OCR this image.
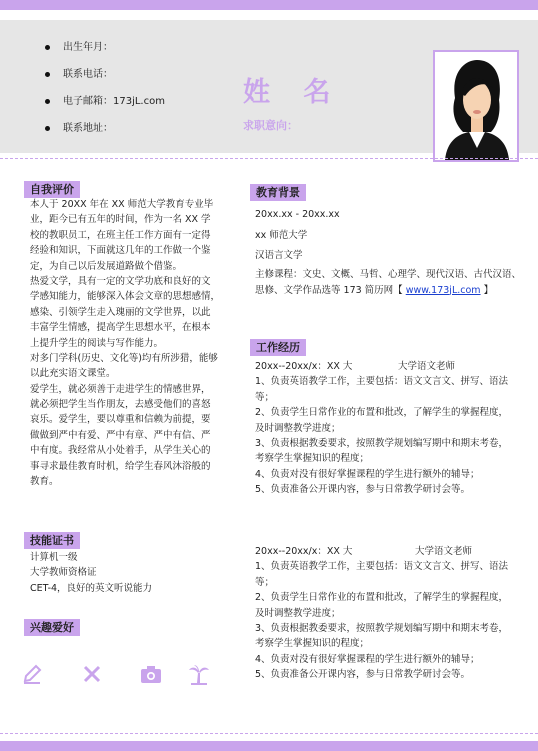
出生年月：
联系电话：
电子邮箱：173jL.com
联系地址：
姓 名
求职意向：
自我评价
本人于 20XX 年在 XX 师范大学教育专业毕
业，距今已有五年的时间，作为一名 XX 学
校的教职员工，在班主任工作方面有一定得
经验和知识，下面就这几年的工作做一个鉴
定，为自己以后发展道路做个借鉴。
热爱文学，具有一定的文学功底和良好的文
学感知能力，能够深入体会文章的思想感情，
感染、引领学生走入瑰丽的文学世界，以此
丰富学生情感，提高学生思想水平，在根本
上提升学生的阅读与写作能力。
对多门学科(历史、文化等)均有所涉猎，能够
以此充实语文课堂。
爱学生，就必须善于走进学生的情感世界，
就必须把学生当作朋友，去感受他们的喜怒
哀乐。爱学生，要以尊重和信赖为前提，要
做做到严中有爱、严中有章、严中有信、严
中有度。我经常从小处着手，从学生关心的
事寻求最佳教育时机，给学生春风沐浴般的
教育。
技能证书
计算机一级
大学教师资格证
CET-4，良好的英文听说能力
兴趣爱好
教育背景
20xx.xx - 20xx.xx
xx 师范大学
汉语言文学
主修课程：文史、文概、马哲、心理学、现代汉语、古代汉语、
思修、文学作品选等 173 简历网【 www.173jL.com 】
工作经历
20xx--20xx/x：XX 大	大学语文老师
1、负责英语教学工作，主要包括：语文文言文、拼写、语法
等；
2、负责学生日常作业的布置和批改，了解学生的掌握程度，
及时调整教学进度；
3、负责根据教委要求，按照教学规划编写期中和期末考卷，
考察学生掌握知识的程度；
4、负责对没有很好掌握课程的学生进行额外的辅导；
5、负责准备公开课内容，参与日常教学研讨会等。
20xx--20xx/x：XX 大	大学语文老师
1、负责英语教学工作，主要包括：语文文言文、拼写、语法
等；
2、负责学生日常作业的布置和批改，了解学生的掌握程度，
及时调整教学进度；
3、负责根据教委要求，按照教学规划编写期中和期末考卷，
考察学生掌握知识的程度；
4、负责对没有很好掌握课程的学生进行额外的辅导；
5、负责准备公开课内容，参与日常教学研讨会等。
